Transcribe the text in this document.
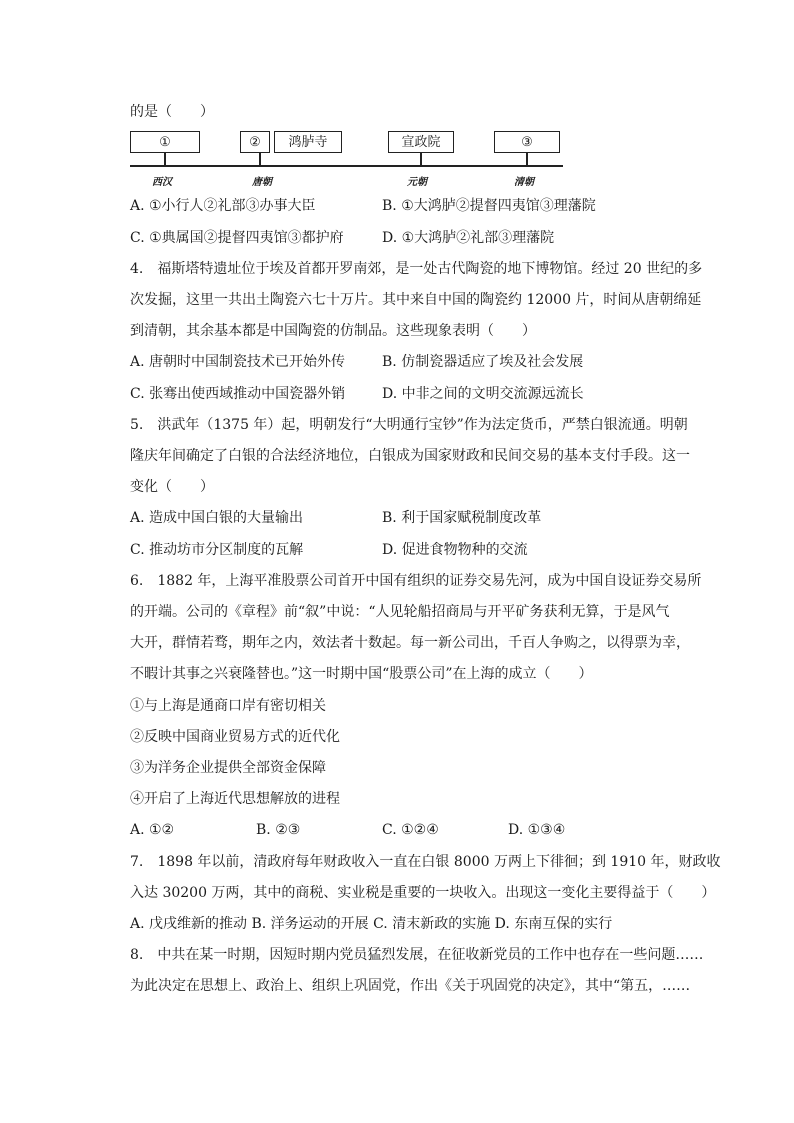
的是（　　）
①	②	鸿胪寺	宣政院	③
西汉	唐朝	元朝	清朝
A. ①小行人②礼部③办事大臣	B. ①大鸿胪②提督四夷馆③理藩院
C. ①典属国②提督四夷馆③都护府	D. ①大鸿胪②礼部③理藩院
4.　福斯塔特遗址位于埃及首都开罗南郊，是一处古代陶瓷的地下博物馆。经过 20 世纪的多
次发掘，这里一共出土陶瓷六七十万片。其中来自中国的陶瓷约 12000 片，时间从唐朝绵延
到清朝，其余基本都是中国陶瓷的仿制品。这些现象表明（　　）
A. 唐朝时中国制瓷技术已开始外传	B. 仿制瓷器适应了埃及社会发展
C. 张骞出使西域推动中国瓷器外销	D. 中非之间的文明交流源远流长
5.　洪武年（1375 年）起，明朝发行“大明通行宝钞”作为法定货币，严禁白银流通。明朝
隆庆年间确定了白银的合法经济地位，白银成为国家财政和民间交易的基本支付手段。这一
变化（　　）
A. 造成中国白银的大量输出	B. 利于国家赋税制度改革
C. 推动坊市分区制度的瓦解	D. 促进食物物种的交流
6.　1882 年，上海平准股票公司首开中国有组织的证券交易先河，成为中国自设证券交易所
的开端。公司的《章程》前“叙”中说：“人见轮船招商局与开平矿务获利无算，于是风气
大开，群情若骛，期年之内，效法者十数起。每一新公司出，千百人争购之，以得票为幸，
不暇计其事之兴衰隆替也。”这一时期中国“股票公司”在上海的成立（　　）
①与上海是通商口岸有密切相关
②反映中国商业贸易方式的近代化
③为洋务企业提供全部资金保障
④开启了上海近代思想解放的进程
A. ①②	B. ②③	C. ①②④	D. ①③④
7.　1898 年以前，清政府每年财政收入一直在白银 8000 万两上下徘徊；到 1910 年，财政收
入达 30200 万两，其中的商税、实业税是重要的一块收入。出现这一变化主要得益于（　　）
A. 戊戌维新的推动 B. 洋务运动的开展 C. 清末新政的实施 D. 东南互保的实行
8.　中共在某一时期，因短时期内党员猛烈发展，在征收新党员的工作中也存在一些问题……
为此决定在思想上、政治上、组织上巩固党，作出《关于巩固党的决定》，其中“第五，……
